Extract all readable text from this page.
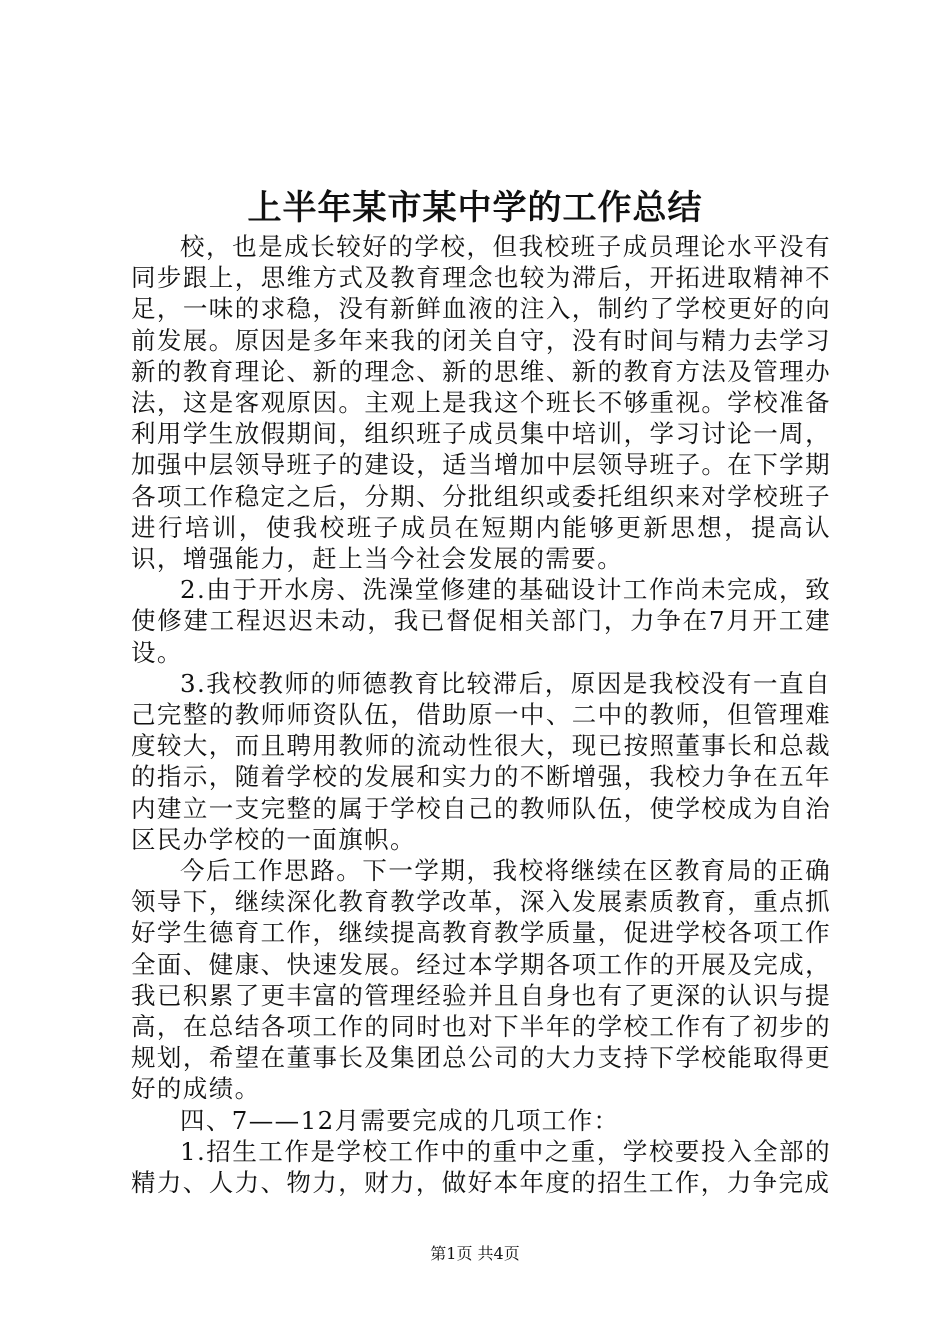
上半年某市某中学的工作总结

校，也是成长较好的学校，但我校班子成员理论水平没有同步跟上，思维方式及教育理念也较为滞后，开拓进取精神不足，一味的求稳，没有新鲜血液的注入，制约了学校更好的向前发展。原因是多年来我的闭关自守，没有时间与精力去学习新的教育理论、新的理念、新的思维、新的教育方法及管理办法，这是客观原因。主观上是我这个班长不够重视。学校准备利用学生放假期间，组织班子成员集中培训，学习讨论一周，加强中层领导班子的建设，适当增加中层领导班子。在下学期各项工作稳定之后，分期、分批组织或委托组织来对学校班子进行培训，使我校班子成员在短期内能够更新思想，提高认识，增强能力，赶上当今社会发展的需要。

2.由于开水房、洗澡堂修建的基础设计工作尚未完成，致使修建工程迟迟未动，我已督促相关部门，力争在7月开工建设。

3.我校教师的师德教育比较滞后，原因是我校没有一直自己完整的教师师资队伍，借助原一中、二中的教师，但管理难度较大，而且聘用教师的流动性很大，现已按照董事长和总裁的指示，随着学校的发展和实力的不断增强，我校力争在五年内建立一支完整的属于学校自己的教师队伍，使学校成为自治区民办学校的一面旗帜。

今后工作思路。下一学期，我校将继续在区教育局的正确领导下，继续深化教育教学改革，深入发展素质教育，重点抓好学生德育工作，继续提高教育教学质量，促进学校各项工作全面、健康、快速发展。经过本学期各项工作的开展及完成，我已积累了更丰富的管理经验并且自身也有了更深的认识与提高，在总结各项工作的同时也对下半年的学校工作有了初步的规划，希望在董事长及集团总公司的大力支持下学校能取得更好的成绩。

四、7——12月需要完成的几项工作：

1.招生工作是学校工作中的重中之重，学校要投入全部的精力、人力、物力，财力，做好本年度的招生工作，力争完成

第1页 共4页
